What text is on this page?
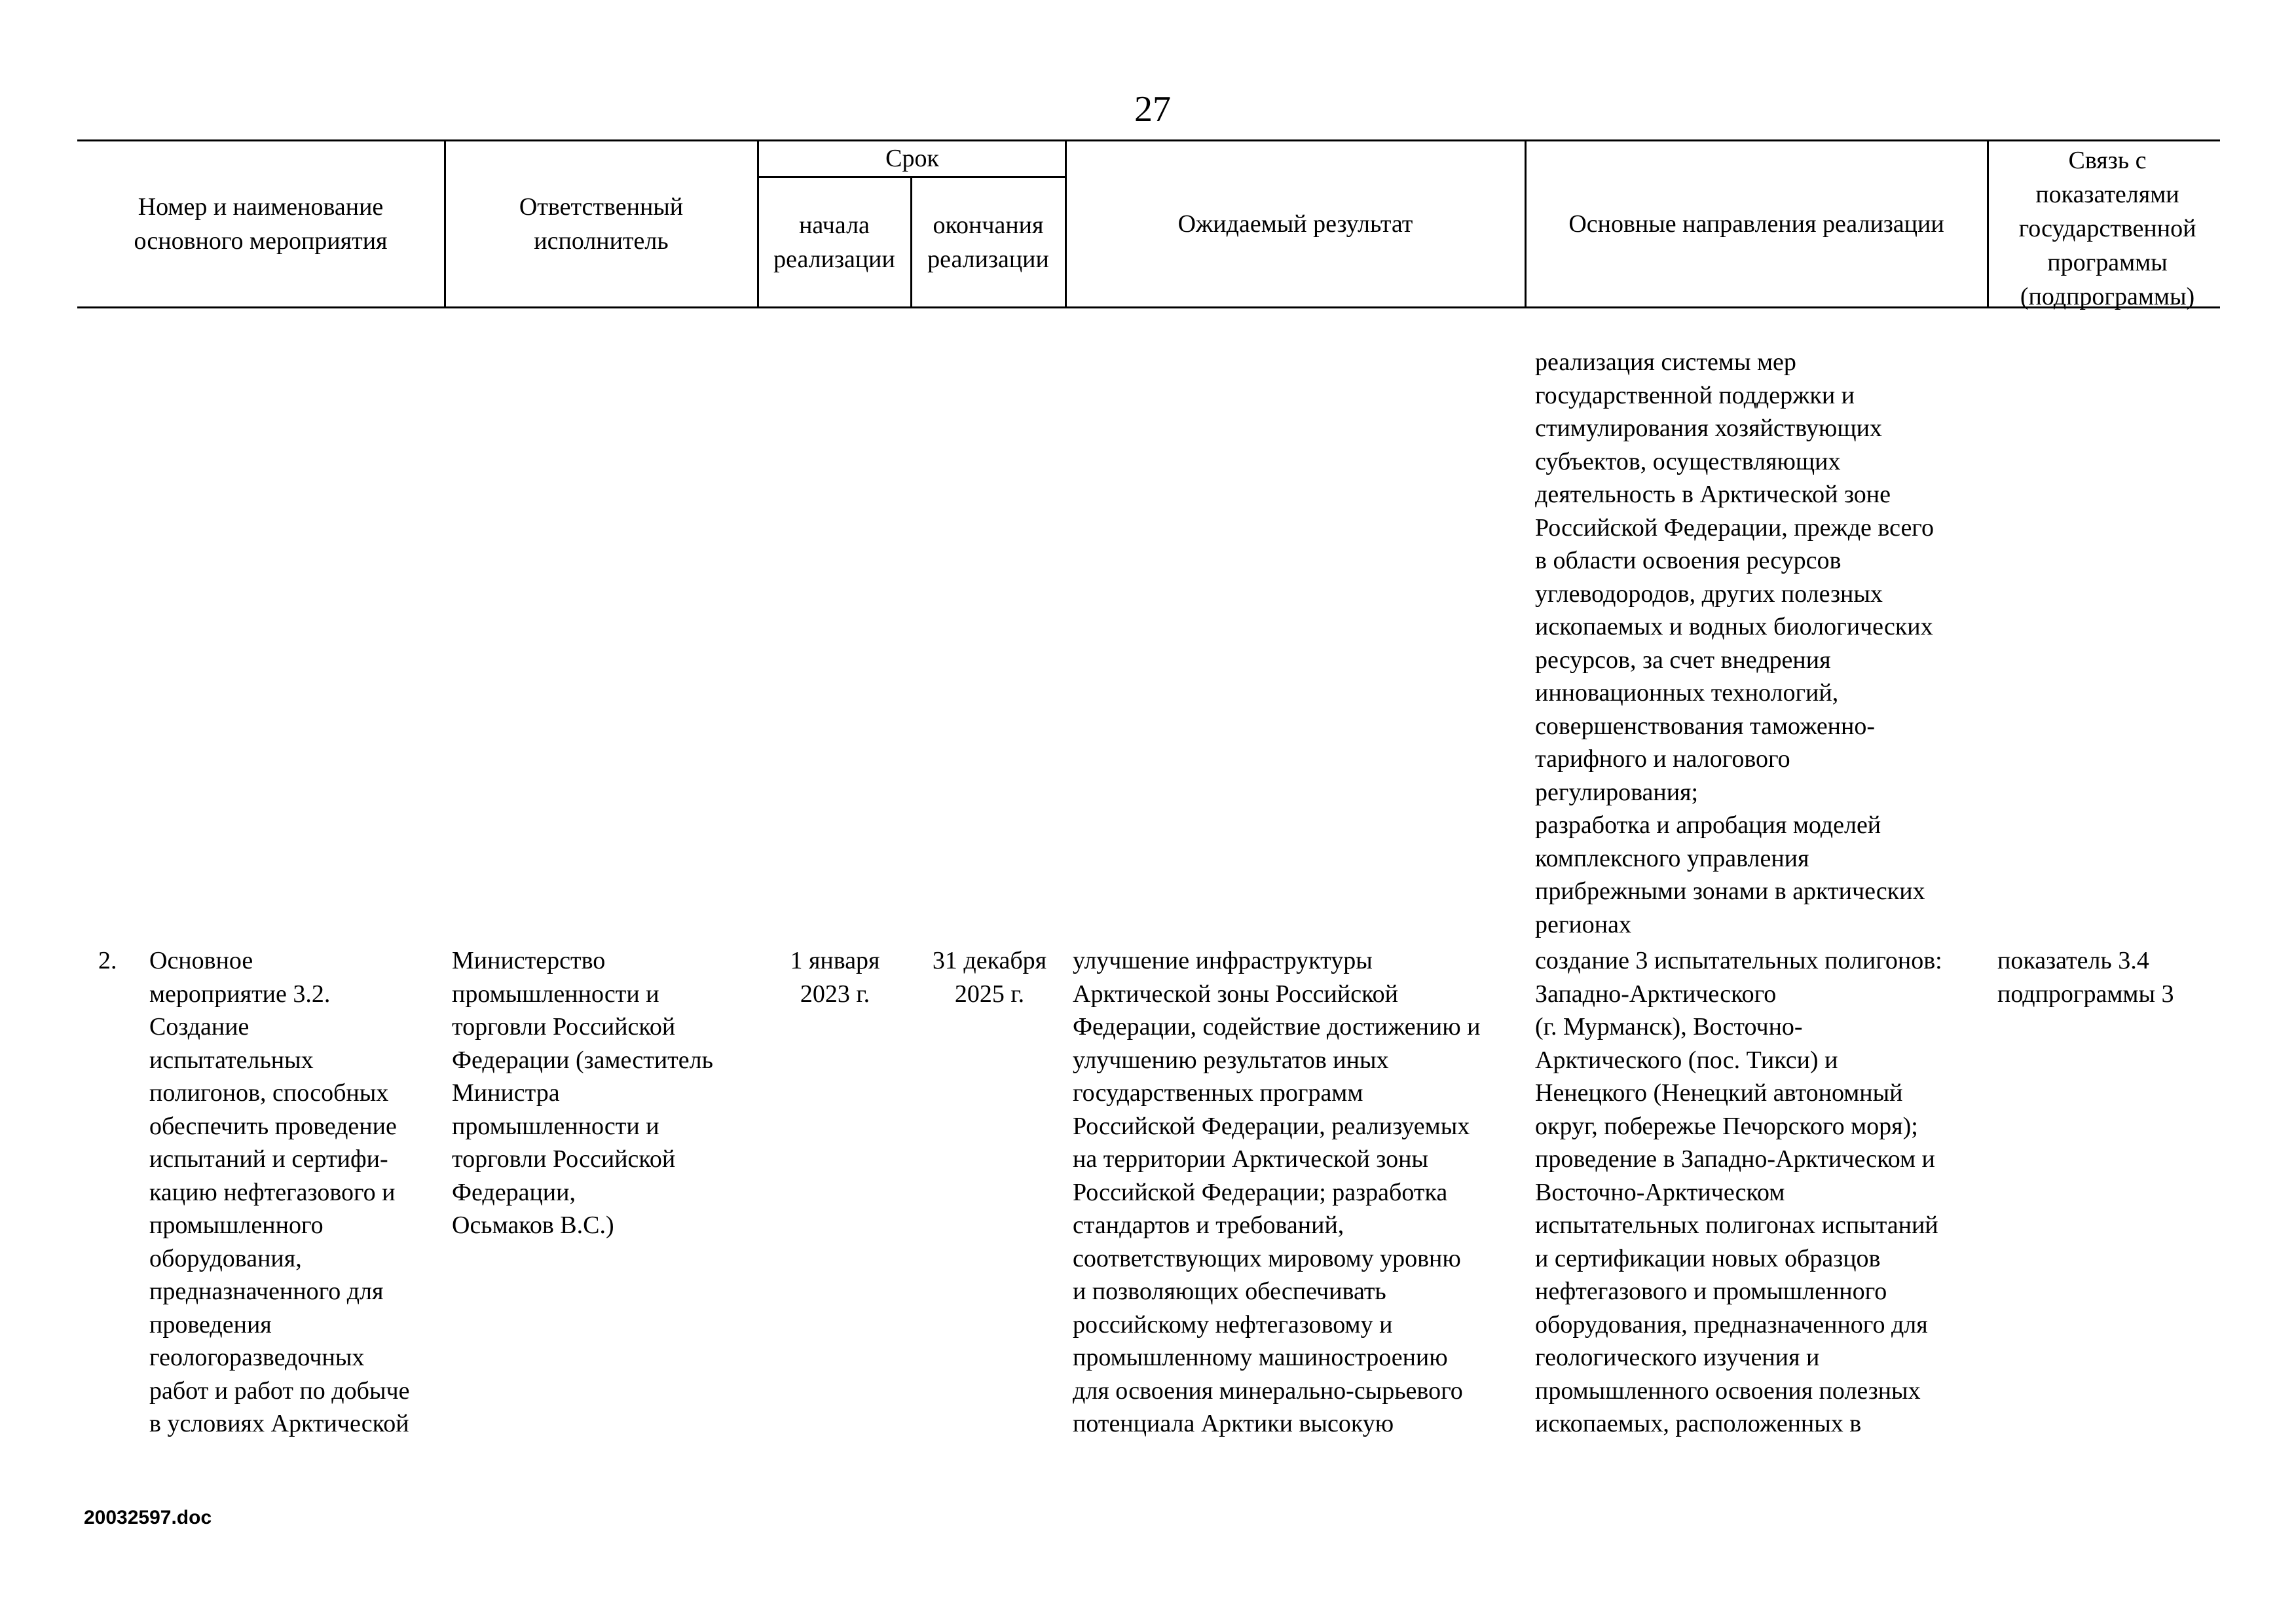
27
Номер и наименование
основного мероприятия
Ответственный
исполнитель
Срок
начала
реализации
окончания
реализации
Ожидаемый результат	Основные направления реализации
Связь с
показателями
государственной
программы
(подпрограммы)
реализация системы мер
государственной поддержки и
стимулирования хозяйствующих
субъектов, осуществляющих
деятельность в Арктической зоне
Российской Федерации, прежде всего
в области освоения ресурсов
углеводородов, других полезных
ископаемых и водных биологических
ресурсов, за счет внедрения
инновационных технологий,
совершенствования таможенно-
тарифного и налогового
регулирования;
разработка и апробация моделей
комплексного управления
прибрежными зонами в арктических
регионах
2. Основное
мероприятие 3.2.
Создание
испытательных
полигонов, способных
обеспечить проведение
испытаний и сертифи-
кацию нефтегазового и
промышленного
оборудования,
предназначенного для
проведения
геологоразведочных
работ и работ по добыче
в условиях Арктической
Министерство
промышленности и
торговли Российской
Федерации (заместитель
Министра
промышленности и
торговли Российской
Федерации,
Осьмаков В.С.)
1 января
2023 г.
31 декабря
2025 г.
улучшение инфраструктуры
Арктической зоны Российской
Федерации, содействие достижению и
улучшению результатов иных
государственных программ
Российской Федерации, реализуемых
на территории Арктической зоны
Российской Федерации; разработка
стандартов и требований,
соответствующих мировому уровню
и позволяющих обеспечивать
российскому нефтегазовому и
промышленному машиностроению
для освоения минерально-сырьевого
потенциала Арктики высокую
создание 3 испытательных полигонов:
Западно-Арктического
(г. Мурманск), Восточно-
Арктического (пос. Тикси) и
Ненецкого (Ненецкий автономный
округ, побережье Печорского моря);
проведение в Западно-Арктическом и
Восточно-Арктическом
испытательных полигонах испытаний
и сертификации новых образцов
нефтегазового и промышленного
оборудования, предназначенного для
геологического изучения и
промышленного освоения полезных
ископаемых, расположенных в
показатель 3.4
подпрограммы 3
20032597.doc
